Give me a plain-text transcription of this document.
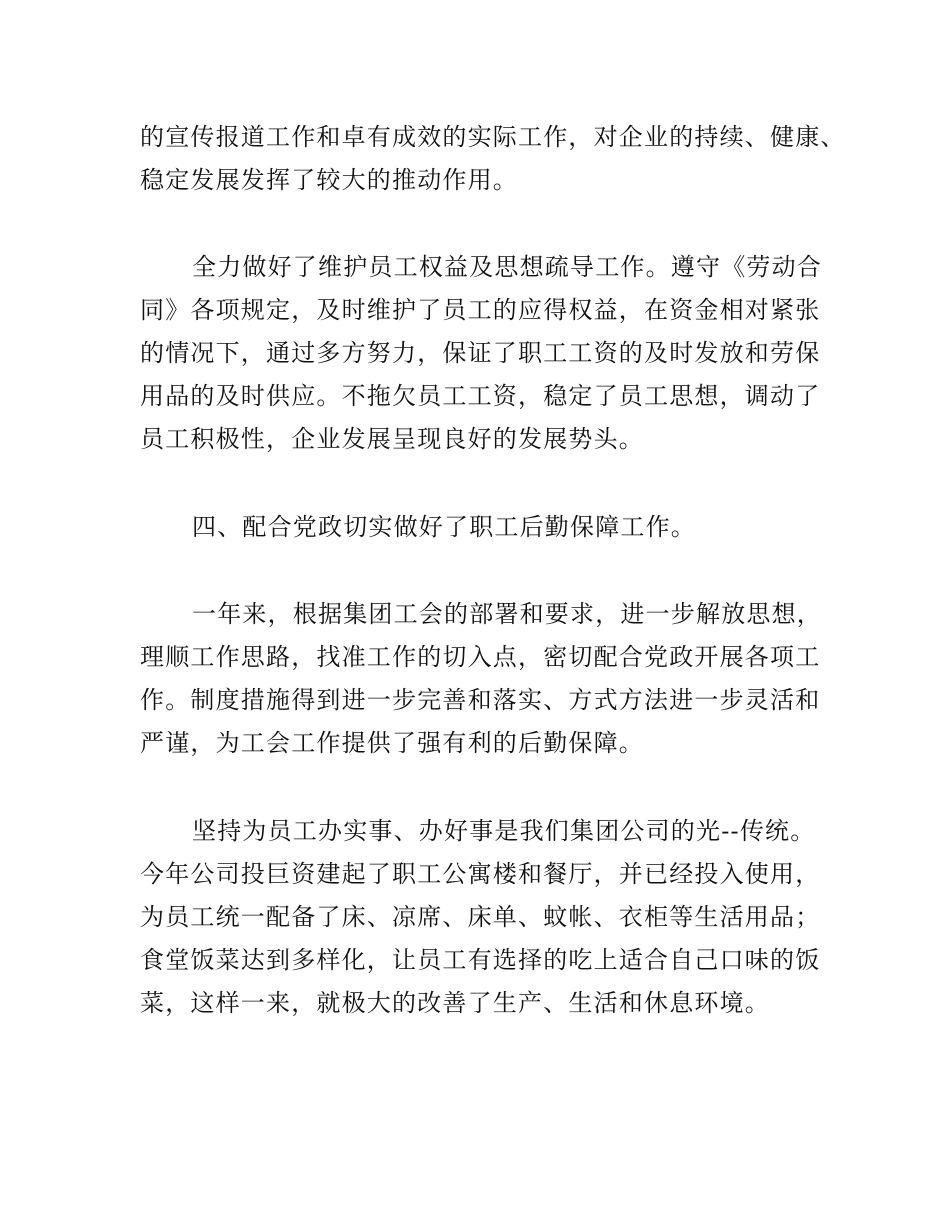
的宣传报道工作和卓有成效的实际工作，对企业的持续、健康、
稳定发展发挥了较大的推动作用。
全力做好了维护员工权益及思想疏导工作。遵守《劳动合
同》各项规定，及时维护了员工的应得权益，在资金相对紧张
的情况下，通过多方努力，保证了职工工资的及时发放和劳保
用品的及时供应。不拖欠员工工资，稳定了员工思想，调动了
员工积极性，企业发展呈现良好的发展势头。
四、配合党政切实做好了职工后勤保障工作。
一年来，根据集团工会的部署和要求，进一步解放思想，
理顺工作思路，找准工作的切入点，密切配合党政开展各项工
作。制度措施得到进一步完善和落实、方式方法进一步灵活和
严谨，为工会工作提供了强有利的后勤保障。
坚持为员工办实事、办好事是我们集团公司的光--传统。
今年公司投巨资建起了职工公寓楼和餐厅，并已经投入使用，
为员工统一配备了床、凉席、床单、蚊帐、衣柜等生活用品；
食堂饭菜达到多样化，让员工有选择的吃上适合自己口味的饭
菜，这样一来，就极大的改善了生产、生活和休息环境。
